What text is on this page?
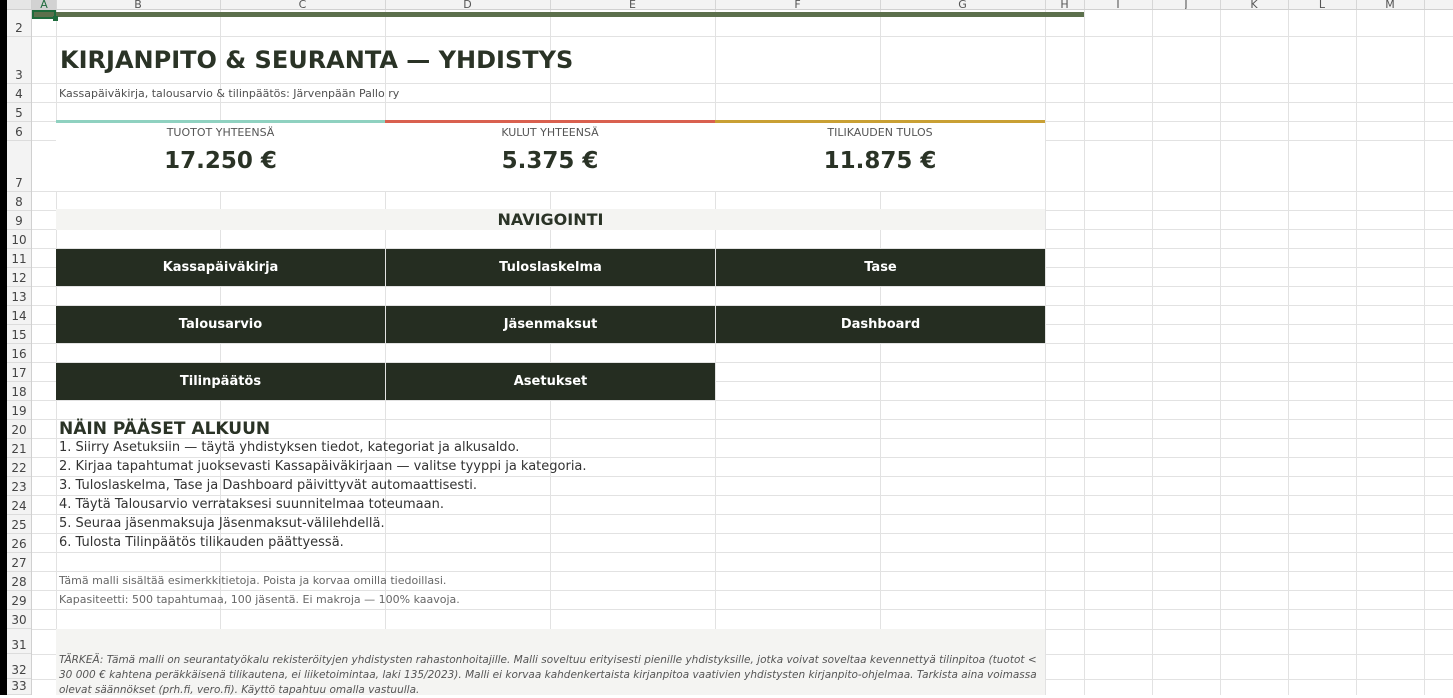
A	B	C	D	E	F	G	H	I	J	K	L	M
2
3
4
5
6
7
8
9
10
11
12
13
14
15
16
17
18
19
20
21
22
23
24
25
26
27
28
29
30
31
32
33
KIRJANPITO & SEURANTA — YHDISTYS
Kassapäiväkirja, talousarvio & tilinpäätös: Järvenpään Pallo ry
TUOTOT YHTEENSÄ
17.250 €
KULUT YHTEENSÄ
5.375 €
TILIKAUDEN TULOS
11.875 €
NAVIGOINTI
Kassapäiväkirja	Tuloslaskelma	Tase
Talousarvio	Jäsenmaksut	Dashboard
Tilinpäätös	Asetukset
NÄIN PÄÄSET ALKUUN
1. Siirry Asetuksiin — täytä yhdistyksen tiedot, kategoriat ja alkusaldo.
2. Kirjaa tapahtumat juoksevasti Kassapäiväkirjaan — valitse tyyppi ja kategoria.
3. Tuloslaskelma, Tase ja Dashboard päivittyvät automaattisesti.
4. Täytä Talousarvio verrataksesi suunnitelmaa toteumaan.
5. Seuraa jäsenmaksuja Jäsenmaksut-välilehdellä.
6. Tulosta Tilinpäätös tilikauden päättyessä.
Tämä malli sisältää esimerkkitietoja. Poista ja korvaa omilla tiedoillasi.
Kapasiteetti: 500 tapahtumaa, 100 jäsentä. Ei makroja — 100% kaavoja.
TÄRKEÄ: Tämä malli on seurantatyökalu rekisteröityjen yhdistysten rahastonhoitajille. Malli soveltuu erityisesti pienille yhdistyksille, jotka voivat soveltaa kevennettyä tilinpitoa (tuotot < 30 000 € kahtena peräkkäisenä tilikautena, ei liiketoimintaa, laki 135/2023). Malli ei korvaa kahdenkertaista kirjanpitoa vaativien yhdistysten kirjanpito-ohjelmaa. Tarkista aina voimassa olevat säännökset (prh.fi, vero.fi). Käyttö tapahtuu omalla vastuulla.
